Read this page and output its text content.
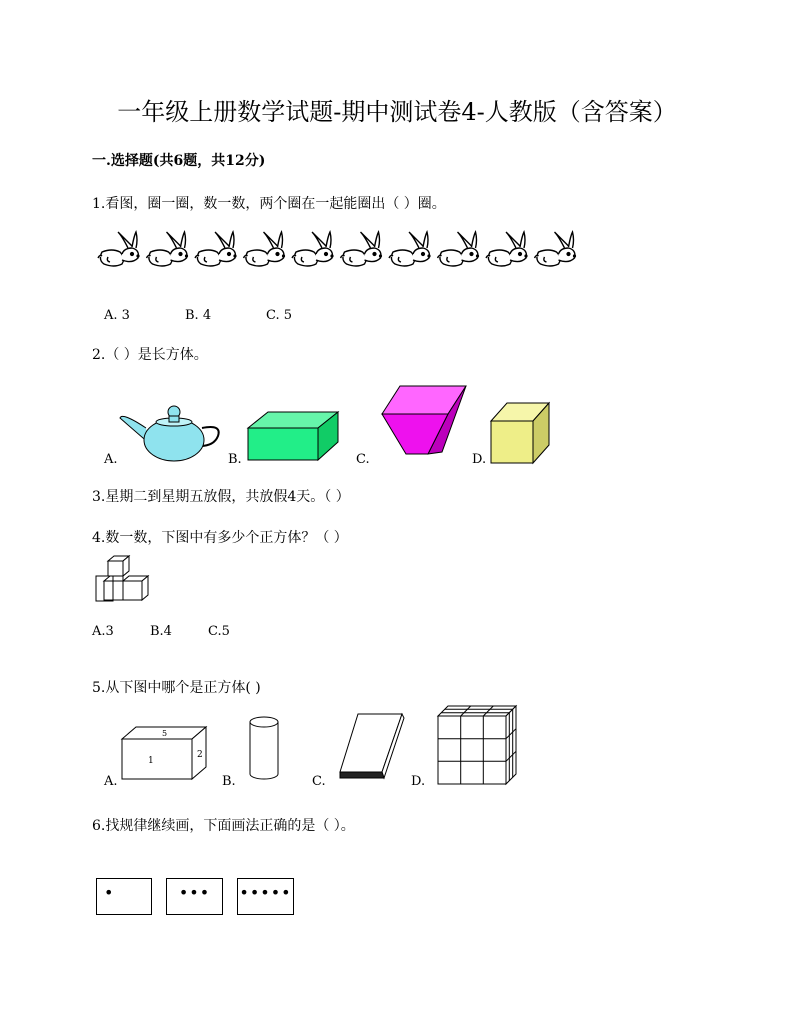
一年级上册数学试题-期中测试卷4-人教版（含答案）
一.选择题(共6题，共12分)
1.看图，圈一圈，数一数，两个圈在一起能圈出（ ）圈。
A. 3	B. 4	C. 5
2.（ ）是长方体。
A.	B.	C.	D.
3.星期二到星期五放假，共放假4天。（ ）
4.数一数，下图中有多少个正方体？（ ）
A.3	B.4	C.5
5.从下图中哪个是正方体( )
5
1
2
A.	B.	C.	D.
6.找规律继续画，下面画法正确的是（ ）。
•	•••	•••••
